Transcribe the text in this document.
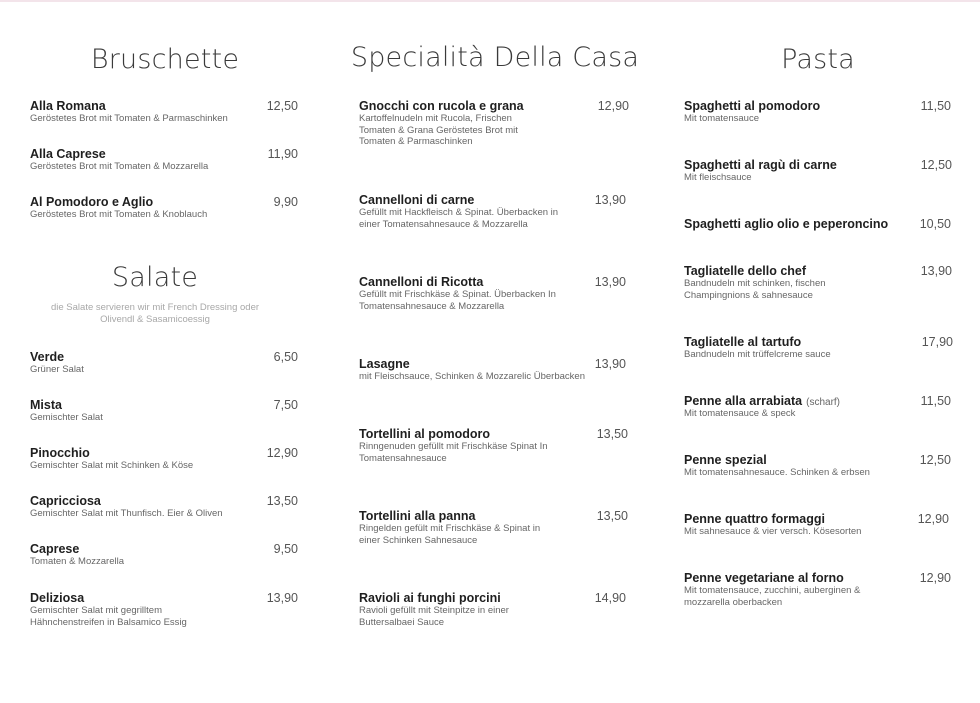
Bruschette
Alla Romana	12,50
Geröstetes Brot mit Tomaten & Parmaschinken
Alla Caprese	11,90
Geröstetes Brot mit Tomaten & Mozzarella
Al Pomodoro e Aglio	9,90
Geröstetes Brot mit Tomaten & Knoblauch
Salate
die Salate servieren wir mit French Dressing oder Olivendl & Sasamicoessig
Verde	6,50
Grüner Salat
Mista	7,50
Gemischter Salat
Pinocchio	12,90
Gemischter Salat mit Schinken & Köse
Capricciosa	13,50
Gemischter Salat mit Thunfisch. Eier & Oliven
Caprese	9,50
Tomaten & Mozzarella
Deliziosa	13,90
Gemischter Salat mit gegrilltem Hähnchenstreifen in Balsamico Essig
Specialità Della Casa
Gnocchi con rucola e grana	12,90
Kartoffelnudeln mit Rucola, Frischen Tomaten & Grana Geröstetes Brot mit Tomaten & Parmaschinken
Cannelloni di carne	13,90
Gefüllt mit Hackfleisch & Spinat. Überbacken in einer Tomatensahnesauce & Mozzarella
Cannelloni di Ricotta	13,90
Gefüllt mit Frischkäse & Spinat. Überbacken In Tomatensahnesauce & Mozzarella
Lasagne	13,90
mit Fleischsauce, Schinken & Mozzarelic Überbacken
Tortellini al pomodoro	13,50
Rinngenuden gefüllt mit Frischkäse Spinat In Tomatensahnesauce
Tortellini alla panna	13,50
Ringelden gefült mit Frischkäse & Spinat in einer Schinken Sahnesauce
Ravioli ai funghi porcini	14,90
Ravioli gefüllt mit Steinpitze in einer Buttersalbaei Sauce
Pasta
Spaghetti al pomodoro	11,50
Mit tomatensauce
Spaghetti al ragù di carne	12,50
Mit fleischsauce
Spaghetti aglio olio e peperoncino	10,50
Tagliatelle dello chef	13,90
Bandnudeln mit schinken, fischen Champingnions & sahnesauce
Tagliatelle al tartufo	17,90
Bandnudeln mit trüffelcreme sauce
Penne alla arrabiata (scharf)	11,50
Mit tomatensauce & speck
Penne spezial	12,50
Mit tomatensahnesauce. Schinken & erbsen
Penne quattro formaggi	12,90
Mit sahnesauce & vier versch. Kösesorten
Penne vegetariane al forno	12,90
Mit tomatensauce, zucchini, auberginen & mozzarella oberbacken
